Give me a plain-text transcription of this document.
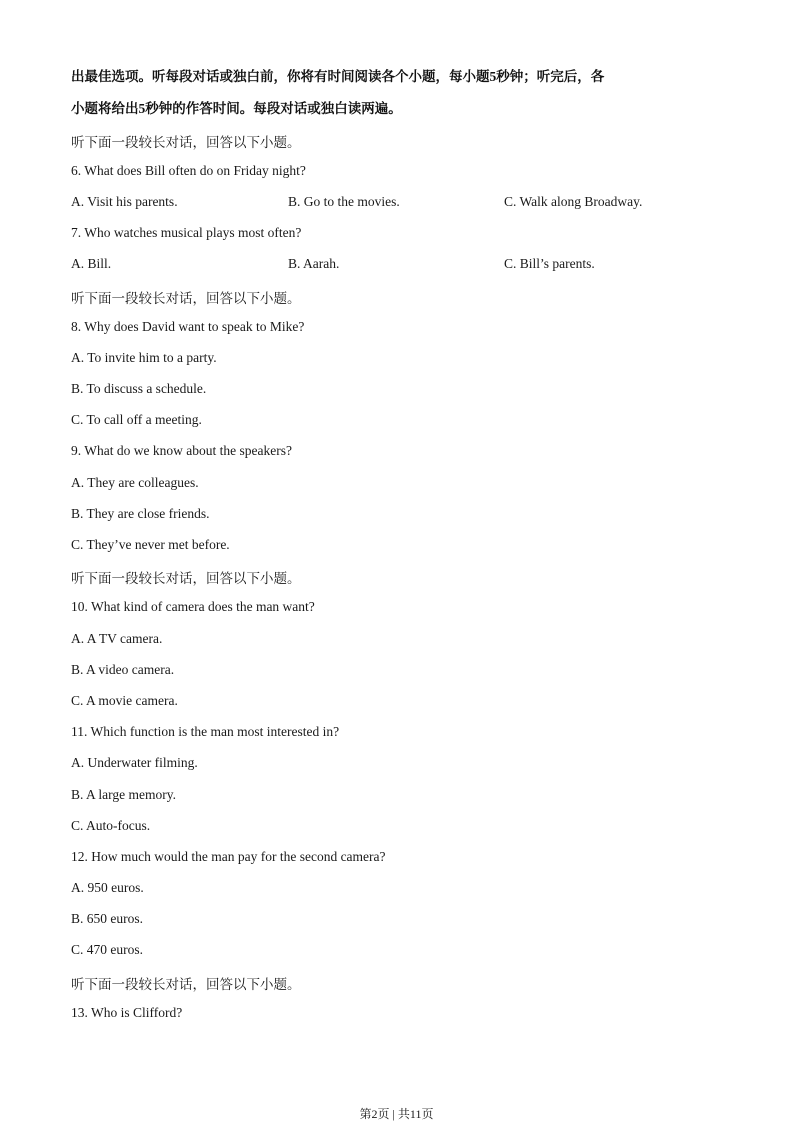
出最佳选项。听每段对话或独白前，你将有时间阅读各个小题，每小题5秒钟；听完后，各
小题将给出5秒钟的作答时间。每段对话或独白读两遍。
听下面一段较长对话，回答以下小题。
6. What does Bill often do on Friday night?
A. Visit his parents.	B. Go to the movies.	C. Walk along Broadway.
7. Who watches musical plays most often?
A. Bill.	B. Aarah.	C. Bill’s parents.
听下面一段较长对话，回答以下小题。
8. Why does David want to speak to Mike?
A. To invite him to a party.
B. To discuss a schedule.
C. To call off a meeting.
9. What do we know about the speakers?
A. They are colleagues.
B. They are close friends.
C. They’ve never met before.
听下面一段较长对话，回答以下小题。
10. What kind of camera does the man want?
A. A TV camera.
B. A video camera.
C. A movie camera.
11. Which function is the man most interested in?
A. Underwater filming.
B. A large memory.
C. Auto-focus.
12. How much would the man pay for the second camera?
A. 950 euros.
B. 650 euros.
C. 470 euros.
听下面一段较长对话，回答以下小题。
13. Who is Clifford?
第2页 | 共11页
